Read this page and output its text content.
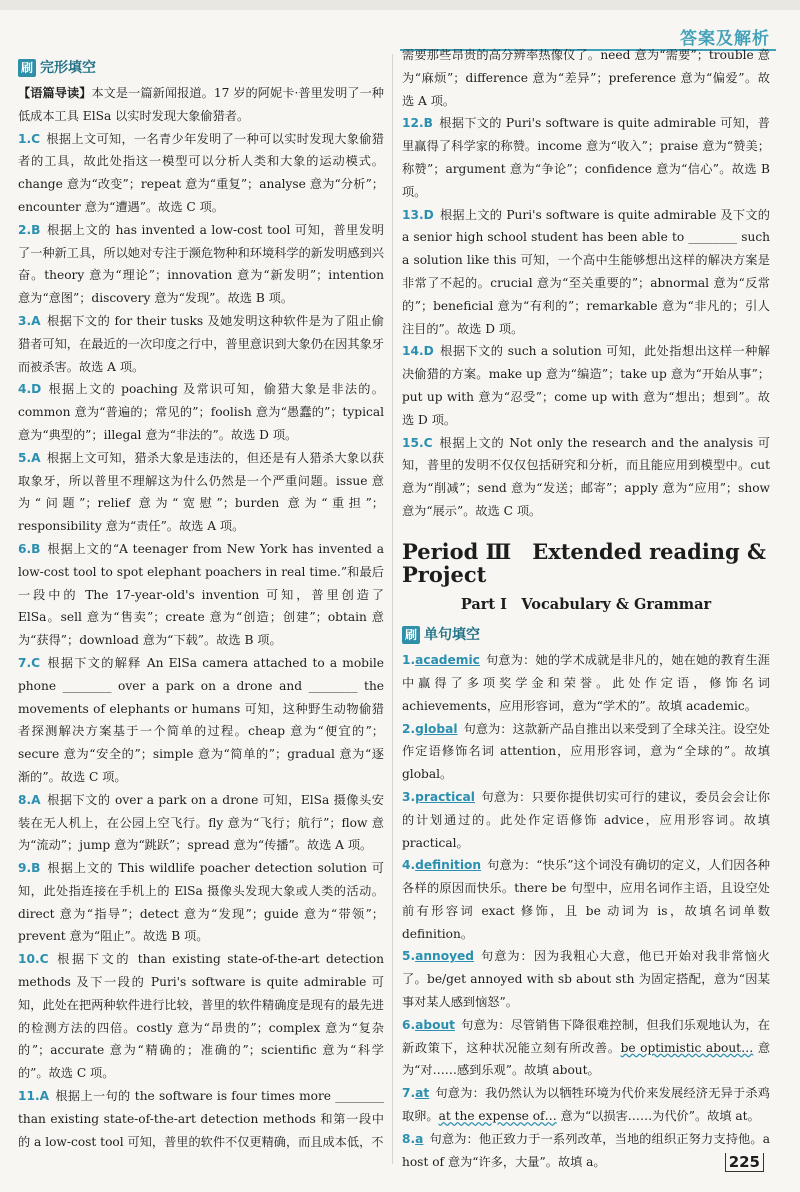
答案及解析
刷 完形填空

【语篇导读】本文是一篇新闻报道。17 岁的阿妮卡·普里发明了一种低成本工具 ElSa 以实时发现大象偷猎者。

1.C 根据上文可知，一名青少年发明了一种可以实时发现大象偷猎者的工具，故此处指这一模型可以分析人类和大象的运动模式。change 意为“改变”；repeat 意为“重复”；analyse 意为“分析”；encounter 意为“遭遇”。故选 C 项。

2.B 根据上文的 has invented a low-cost tool 可知，普里发明了一种新工具，所以她对专注于濒危物种和环境科学的新发明感到兴奋。theory 意为“理论”；innovation 意为“新发明”；intention 意为“意图”；discovery 意为“发现”。故选 B 项。

3.A 根据下文的 for their tusks 及她发明这种软件是为了阻止偷猎者可知，在最近的一次印度之行中，普里意识到大象仍在因其象牙而被杀害。故选 A 项。

4.D 根据上文的 poaching 及常识可知，偷猎大象是非法的。common 意为“普遍的；常见的”；foolish 意为“愚蠢的”；typical 意为“典型的”；illegal 意为“非法的”。故选 D 项。

5.A 根据上文可知，猎杀大象是违法的，但还是有人猎杀大象以获取象牙，所以普里不理解这为什么仍然是一个严重问题。issue 意为“问题”；relief 意为“宽慰”；burden 意为“重担”；responsibility 意为“责任”。故选 A 项。

6.B 根据上文的“A teenager from New York has invented a low-cost tool to spot elephant poachers in real time.”和最后一段中的 The 17-year-old's invention 可知，普里创造了 ElSa。sell 意为“售卖”；create 意为“创造；创建”；obtain 意为“获得”；download 意为“下载”。故选 B 项。

7.C 根据下文的解释 An ElSa camera attached to a mobile phone ________ over a park on a drone and ________ the movements of elephants or humans 可知，这种野生动物偷猎者探测解决方案基于一个简单的过程。cheap 意为“便宜的”；secure 意为“安全的”；simple 意为“简单的”；gradual 意为“逐渐的”。故选 C 项。

8.A 根据下文的 over a park on a drone 可知，ElSa 摄像头安装在无人机上，在公园上空飞行。fly 意为“飞行；航行”；flow 意为“流动”；jump 意为“跳跃”；spread 意为“传播”。故选 A 项。

9.B 根据上文的 This wildlife poacher detection solution 可知，此处指连接在手机上的 ElSa 摄像头发现大象或人类的活动。direct 意为“指导”；detect 意为“发现”；guide 意为“带领”；prevent 意为“阻止”。故选 B 项。

10.C 根据下文的 than existing state-of-the-art detection methods 及下一段的 Puri's software is quite admirable 可知，此处在把两种软件进行比较，普里的软件精确度是现有的最先进的检测方法的四倍。costly 意为“昂贵的”；complex 意为“复杂的”；accurate 意为“精确的；准确的”；scientific 意为“科学的”。故选 C 项。

11.A 根据上一句的 the software is four times more ________ than existing state-of-the-art detection methods 和第一段中的 a low-cost tool 可知，普里的软件不仅更精确，而且成本低，不

需要那些昂贵的高分辨率热像仪了。need 意为“需要”；trouble 意为“麻烦”；difference 意为“差异”；preference 意为“偏爱”。故选 A 项。

12.B 根据下文的 Puri's software is quite admirable 可知，普里赢得了科学家的称赞。income 意为“收入”；praise 意为“赞美；称赞”；argument 意为“争论”；confidence 意为“信心”。故选 B 项。

13.D 根据上文的 Puri's software is quite admirable 及下文的 a senior high school student has been able to ________ such a solution like this 可知，一个高中生能够想出这样的解决方案是非常了不起的。crucial 意为“至关重要的”；abnormal 意为“反常的”；beneficial 意为“有利的”；remarkable 意为“非凡的；引人注目的”。故选 D 项。

14.D 根据下文的 such a solution 可知，此处指想出这样一种解决偷猎的方案。make up 意为“编造”；take up 意为“开始从事”；put up with 意为“忍受”；come up with 意为“想出；想到”。故选 D 项。

15.C 根据上文的 Not only the research and the analysis 可知，普里的发明不仅仅包括研究和分析，而且能应用到模型中。cut 意为“削减”；send 意为“发送；邮寄”；apply 意为“应用”；show 意为“展示”。故选 C 项。

Period Ⅲ　Extended reading & Project
Part Ⅰ　Vocabulary & Grammar
刷 单句填空

1.academic 句意为：她的学术成就是非凡的，她在她的教育生涯中赢得了多项奖学金和荣誉。此处作定语，修饰名词 achievements，应用形容词，意为“学术的”。故填 academic。

2.global 句意为：这款新产品自推出以来受到了全球关注。设空处作定语修饰名词 attention，应用形容词，意为“全球的”。故填 global。

3.practical 句意为：只要你提供切实可行的建议，委员会会让你的计划通过的。此处作定语修饰 advice，应用形容词。故填 practical。

4.definition 句意为：“快乐”这个词没有确切的定义，人们因各种各样的原因而快乐。there be 句型中，应用名词作主语，且设空处前有形容词 exact 修饰，且 be 动词为 is，故填名词单数 definition。

5.annoyed 句意为：因为我粗心大意，他已开始对我非常恼火了。be/get annoyed with sb about sth 为固定搭配，意为“因某事对某人感到恼怒”。

6.about 句意为：尽管销售下降很难控制，但我们乐观地认为，在新政策下，这种状况能立刻有所改善。be optimistic about… 意为“对……感到乐观”。故填 about。

7.at 句意为：我仍然认为以牺牲环境为代价来发展经济无异于杀鸡取卵。at the expense of… 意为“以损害……为代价”。故填 at。

8.a 句意为：他正致力于一系列改革，当地的组织正努力支持他。a host of 意为“许多，大量”。故填 a。	225
